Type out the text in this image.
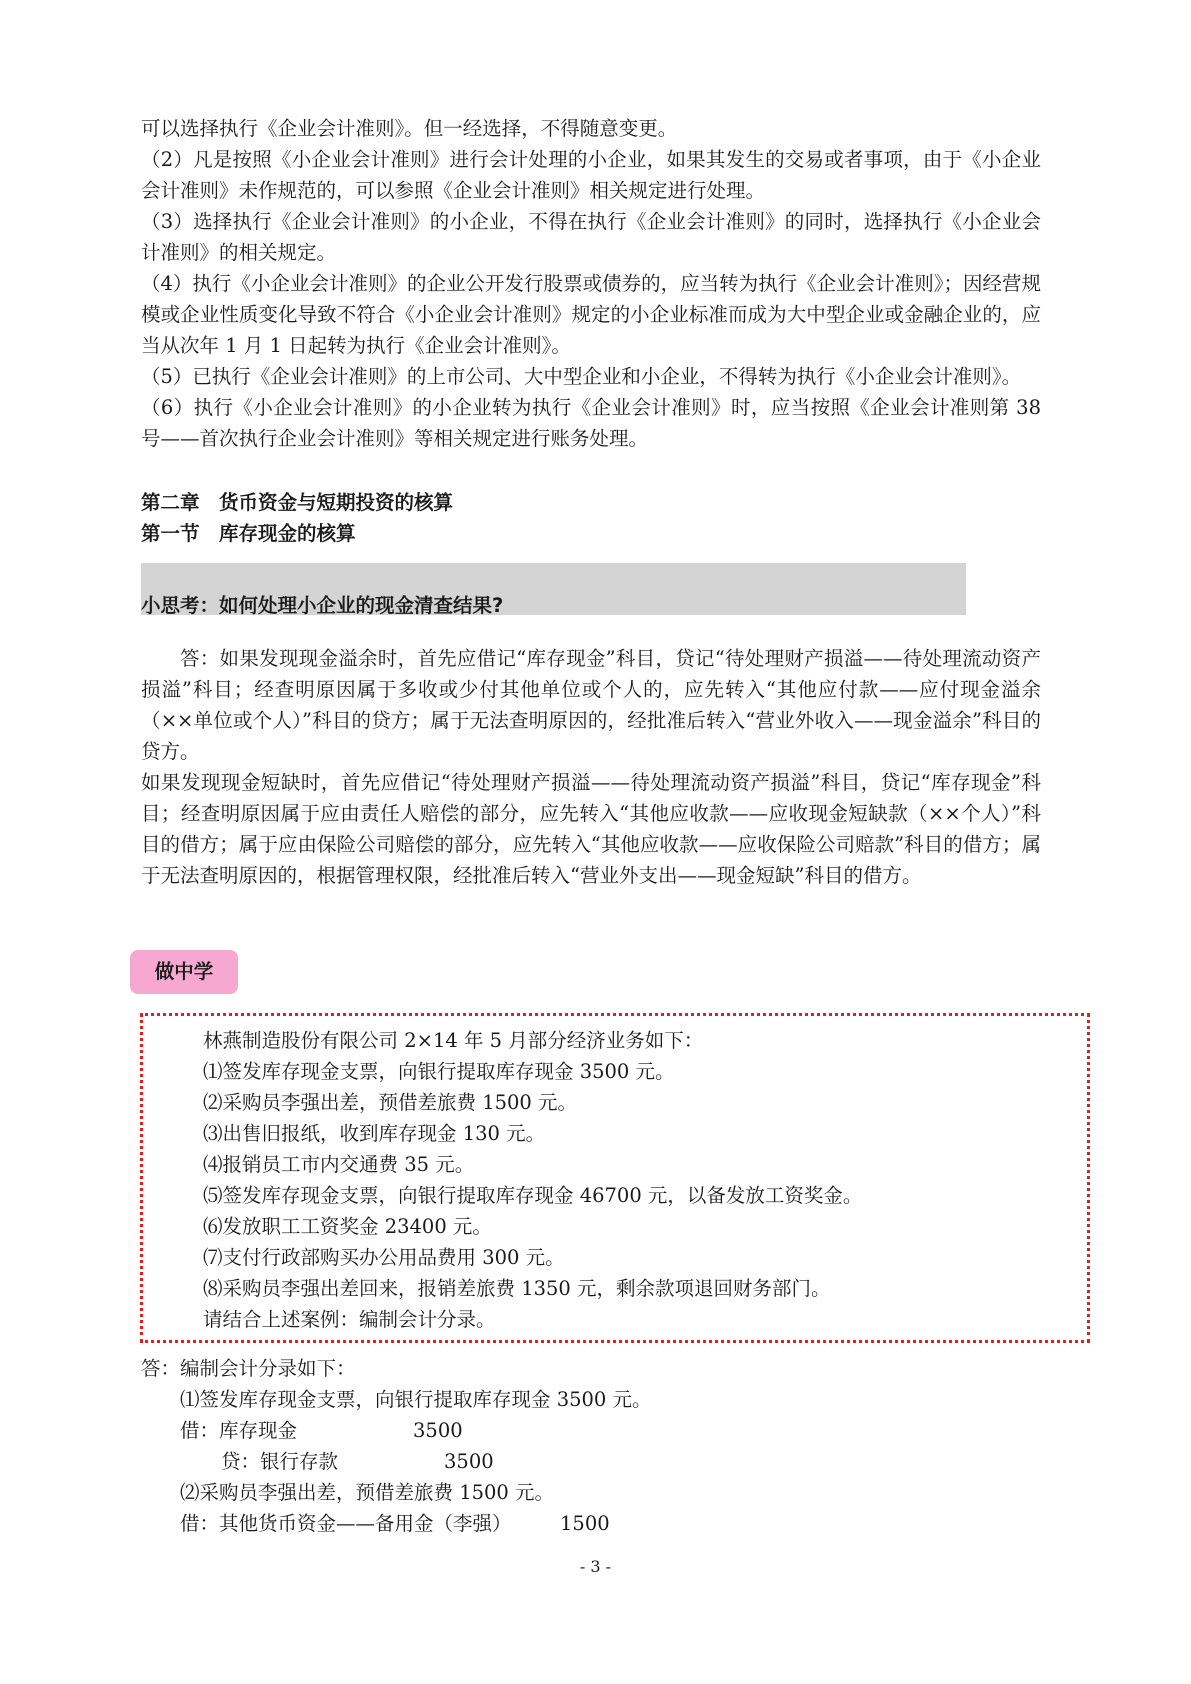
可以选择执行《企业会计准则》。但一经选择，不得随意变更。

（2）凡是按照《小企业会计准则》进行会计处理的小企业，如果其发生的交易或者事项，由于《小企业会计准则》未作规范的，可以参照《企业会计准则》相关规定进行处理。

（3）选择执行《企业会计准则》的小企业，不得在执行《企业会计准则》的同时，选择执行《小企业会计准则》的相关规定。

（4）执行《小企业会计准则》的企业公开发行股票或债券的，应当转为执行《企业会计准则》；因经营规模或企业性质变化导致不符合《小企业会计准则》规定的小企业标准而成为大中型企业或金融企业的，应当从次年 1 月 1 日起转为执行《企业会计准则》。

（5）已执行《企业会计准则》的上市公司、大中型企业和小企业，不得转为执行《小企业会计准则》。

（6）执行《小企业会计准则》的小企业转为执行《企业会计准则》时，应当按照《企业会计准则第 38 号——首次执行企业会计准则》等相关规定进行账务处理。

第二章　货币资金与短期投资的核算
第一节　库存现金的核算
小思考：如何处理小企业的现金清查结果?

答：如果发现现金溢余时，首先应借记“库存现金”科目，贷记“待处理财产损溢——待处理流动资产损溢”科目；经查明原因属于多收或少付其他单位或个人的，应先转入“其他应付款——应付现金溢余（××单位或个人）”科目的贷方；属于无法查明原因的，经批准后转入“营业外收入——现金溢余”科目的贷方。

如果发现现金短缺时，首先应借记“待处理财产损溢——待处理流动资产损溢”科目，贷记“库存现金”科目；经查明原因属于应由责任人赔偿的部分，应先转入“其他应收款——应收现金短缺款（××个人）”科目的借方；属于应由保险公司赔偿的部分，应先转入“其他应收款——应收保险公司赔款”科目的借方；属于无法查明原因的，根据管理权限，经批准后转入“营业外支出——现金短缺”科目的借方。

做中学

林燕制造股份有限公司 2×14 年 5 月部分经济业务如下：

⑴签发库存现金支票，向银行提取库存现金 3500 元。

⑵采购员李强出差，预借差旅费 1500 元。

⑶出售旧报纸，收到库存现金 130 元。

⑷报销员工市内交通费 35 元。

⑸签发库存现金支票，向银行提取库存现金 46700 元，以备发放工资奖金。

⑹发放职工工资奖金 23400 元。

⑺支付行政部购买办公用品费用 300 元。

⑻采购员李强出差回来，报销差旅费 1350 元，剩余款项退回财务部门。

请结合上述案例：编制会计分录。

答：编制会计分录如下：

⑴签发库存现金支票，向银行提取库存现金 3500 元。

借：库存现金	3500

贷：银行存款	3500

⑵采购员李强出差，预借差旅费 1500 元。

借：其他货币资金——备用金（李强） 1500

- 3 -
